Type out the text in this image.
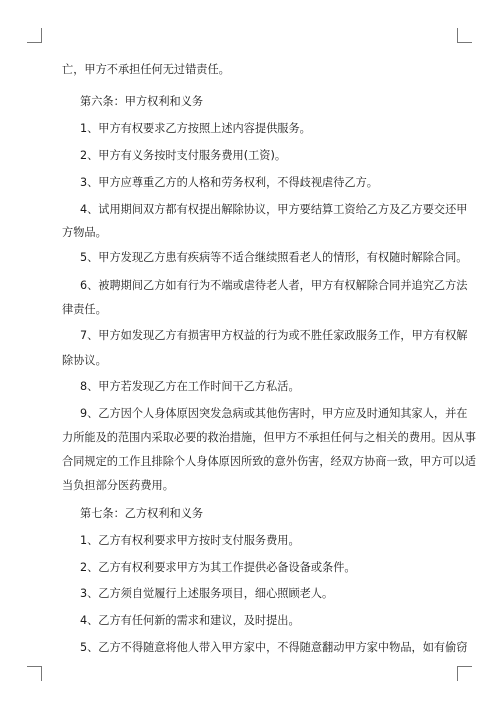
亡，甲方不承担任何无过错责任。
第六条：甲方权利和义务
1、甲方有权要求乙方按照上述内容提供服务。
2、甲方有义务按时支付服务费用(工资)。
3、甲方应尊重乙方的人格和劳务权利，不得歧视虐待乙方。
4、试用期间双方都有权提出解除协议，甲方要结算工资给乙方及乙方要交还甲
方物品。
5、甲方发现乙方患有疾病等不适合继续照看老人的情形，有权随时解除合同。
6、被聘期间乙方如有行为不端或虐待老人者，甲方有权解除合同并追究乙方法
律责任。
7、甲方如发现乙方有损害甲方权益的行为或不胜任家政服务工作，甲方有权解
除协议。
8、甲方若发现乙方在工作时间干乙方私活。
9、乙方因个人身体原因突发急病或其他伤害时，甲方应及时通知其家人，并在
力所能及的范围内采取必要的救治措施，但甲方不承担任何与之相关的费用。因从事
合同规定的工作且排除个人身体原因所致的意外伤害，经双方协商一致，甲方可以适
当负担部分医药费用。
第七条：乙方权利和义务
1、乙方有权利要求甲方按时支付服务费用。
2、乙方有权利要求甲方为其工作提供必备设备或条件。
3、乙方须自觉履行上述服务项目，细心照顾老人。
4、乙方有任何新的需求和建议，及时提出。
5、乙方不得随意将他人带入甲方家中，不得随意翻动甲方家中物品，如有偷窃
